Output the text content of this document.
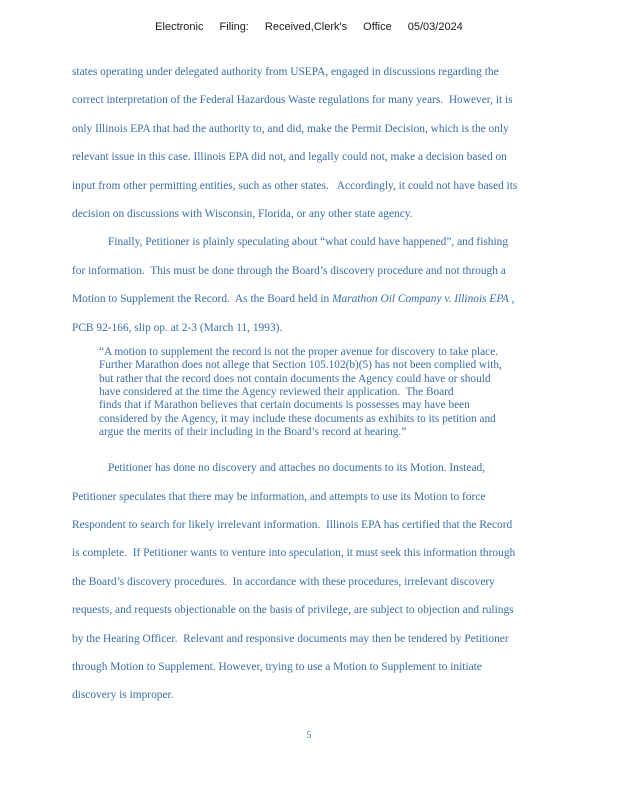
Electronic Filing: Received,Clerk's Office 05/03/2024
states operating under delegated authority from USEPA, engaged in discussions regarding the
correct interpretation of the Federal Hazardous Waste regulations for many years.  However, it is
only Illinois EPA that had the authority to, and did, make the Permit Decision, which is the only
relevant issue in this case. Illinois EPA did not, and legally could not, make a decision based on
input from other permitting entities, such as other states.   Accordingly, it could not have based its
decision on discussions with Wisconsin, Florida, or any other state agency.
Finally, Petitioner is plainly speculating about “what could have happened”, and fishing
for information.  This must be done through the Board’s discovery procedure and not through a
Motion to Supplement the Record.  As the Board held in Marathon Oil Company v. Illinois EPA ,
PCB 92-166, slip op. at 2-3 (March 11, 1993).
“A motion to supplement the record is not the proper avenue for discovery to take place.
Further Marathon does not allege that Section 105.102(b)(5) has not been complied with,
but rather that the record does not contain documents the Agency could have or should
have considered at the time the Agency reviewed their application.  The Board
finds that if Marathon believes that certain documents is possesses may have been
considered by the Agency, it may include these documents as exhibits to its petition and
argue the merits of their including in the Board’s record at hearing.”
Petitioner has done no discovery and attaches no documents to its Motion. Instead,
Petitioner speculates that there may be information, and attempts to use its Motion to force
Respondent to search for likely irrelevant information.  Illinois EPA has certified that the Record
is complete.  If Petitioner wants to venture into speculation, it must seek this information through
the Board’s discovery procedures.  In accordance with these procedures, irrelevant discovery
requests, and requests objectionable on the basis of privilege, are subject to objection and rulings
by the Hearing Officer.  Relevant and responsive documents may then be tendered by Petitioner
through Motion to Supplement. However, trying to use a Motion to Supplement to initiate
discovery is improper.
5
